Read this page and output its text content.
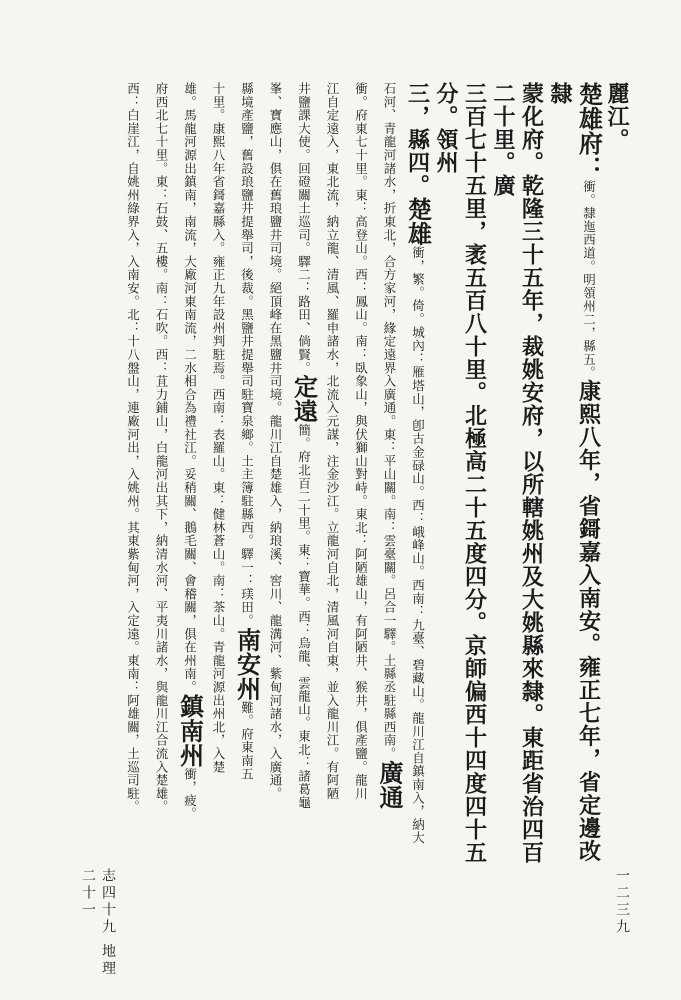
麗江。
楚雄府：衝。隸迤西道。明領州二，縣五。康熙八年，省鎶嘉入南安。雍正七年，省定邊改隸
蒙化府。乾隆三十五年，裁姚安府，以所轄姚州及大姚縣來隸。東距省治四百二十里。廣
三百七十五里，袤五百八十里。北極高二十五度四分。京師偏西十四度四十五分。領州
三，縣四。楚雄衝，繁。倚。城內：雁塔山，卽古金碌山。西：峨峰山。西南：九臺、碧藏山。龍川江自鎮南入，納大
石河、青龍河諸水，折東北，合方家河，緣定遠界入廣通。東：平山關。南：雲臺關。呂合一驛。土縣丞駐縣西南。廣通
衝。府東七十里。東：高登山。西：鳳山。南：臥象山，與伏獅山對峙。東北：阿陋雄山，有阿陋井、猴井，俱產鹽。龍川
江自定遠入，東北流，納立龍、清風、羅申諸水，北流入元謀，注金沙江。立龍河自北，清風河自東，並入龍川江。有阿陋
井鹽課大使。回磴關土巡司。驛二：路田、倘賢。定遠簡。府北百二十里。東：寶華。西：烏龍、雲龍山。東北：諸葛龜
峯、寶應山，俱在舊琅鹽井司境。絕頂峰在黑鹽井司境。龍川江自楚雄入，納琅溪、窖川、龍溝河、紫甸河諸水，入廣通。
縣境產鹽，舊設琅鹽井提舉司，後裁。黑鹽井提舉司駐寶泉鄉。土主簿駐縣西。驛一：𤧞田。南安州難。府東南五
十里。康熙八年省鎶嘉縣入。雍正九年設州判駐焉。西南：表羅山。東：健林蒼山。南：茶山。青龍河源出州北，入楚
雄。馬龍河源出鎮南，南流，大廠河東南流，二水相合為禮社江。妥稍關、鵝毛關、會稽關，俱在州南。鎮南州衝，疲。
府西北七十里。東：石鼓、五樓。南：石吹。西：苴力鋪山，白龍河出其下，納清水河、平夷川諸水，與龍川江合流入楚雄。
西：白崖江，自姚州綠界入，入南安。北：十八盤山，連廠河出，入姚州。其東紫甸河，入定遠。東南：阿雄關，土巡司駐。
志四十九 地理二十一	一二三九
